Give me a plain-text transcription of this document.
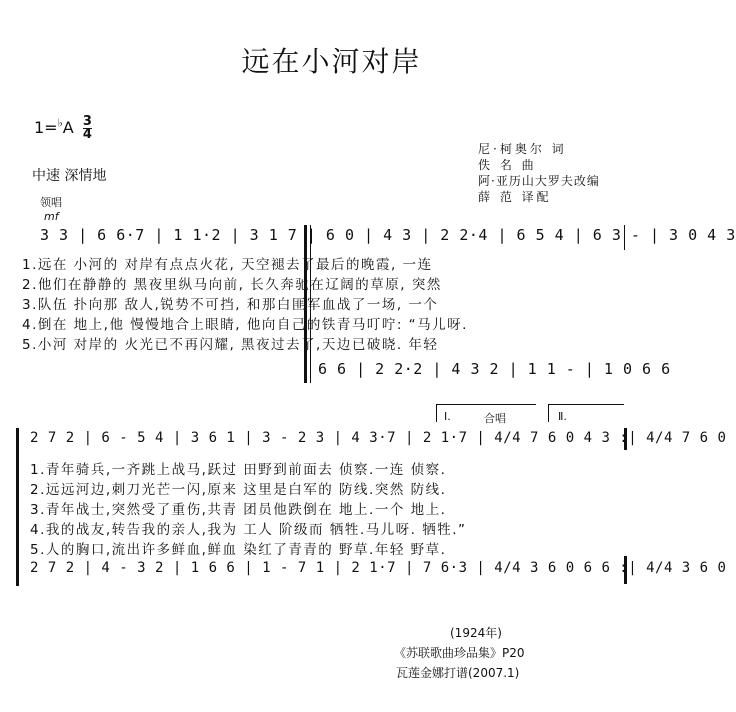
远在小河对岸
$1=^♭A \frac{3}{4}$
尼·柯奥尔 词
佚 名 曲
阿·亚历山大罗夫改编
薛 范 译配
中速 深情地
领唱
mf
3 3 | 6 6·7 | 1 1·2 | 3 1 7 | 6 0 | 4 3 | 2 2·4 | 6 5 4 | 6 3 - | 3 0 4 3
1.远在 小河的 对岸有点点火花, 天空褪去了最后的晚霞, 一连
2.他们在静静的 黑夜里纵马向前, 长久奔驰在辽阔的草原, 突然
3.队伍 扑向那 敌人,锐势不可挡, 和那白匪军血战了一场, 一个
4.倒在 地上,他 慢慢地合上眼睛, 他向自己的铁青马叮咛: “马儿呀.
5.小河 对岸的 火光已不再闪耀, 黑夜过去了,天边已破晓. 年轻
6 6 | 2 2·2 | 4 3 2 | 1 1 - | 1 0 6 6
Ⅰ.	合唱	Ⅱ.
2 7 2 | 6 - 5 4 | 3 6 1 | 3 - 2 3 | 4 3·7 | 2 1·7 | 4/4 7 6 0 4 3 :| 4/4 7 6 0
1.青年骑兵,一齐跳上战马,跃过 田野到前面去 侦察.一连 侦察.
2.远远河边,刺刀光芒一闪,原来 这里是白军的 防线.突然 防线.
3.青年战士,突然受了重伤,共青 团员他跌倒在 地上.一个 地上.
4.我的战友,转告我的亲人,我为 工人 阶级而 牺牲.马儿呀. 牺牲.”
5.人的胸口,流出许多鲜血,鲜血 染红了青青的 野草.年轻 野草.
2 7 2 | 4 - 3 2 | 1 6 6 | 1 - 7 1 | 2 1·7 | 7 6·3 | 4/4 3 6 0 6 6 :| 4/4 3 6 0
(1924年)
《苏联歌曲珍品集》P20
瓦莲金娜打谱(2007.1)
